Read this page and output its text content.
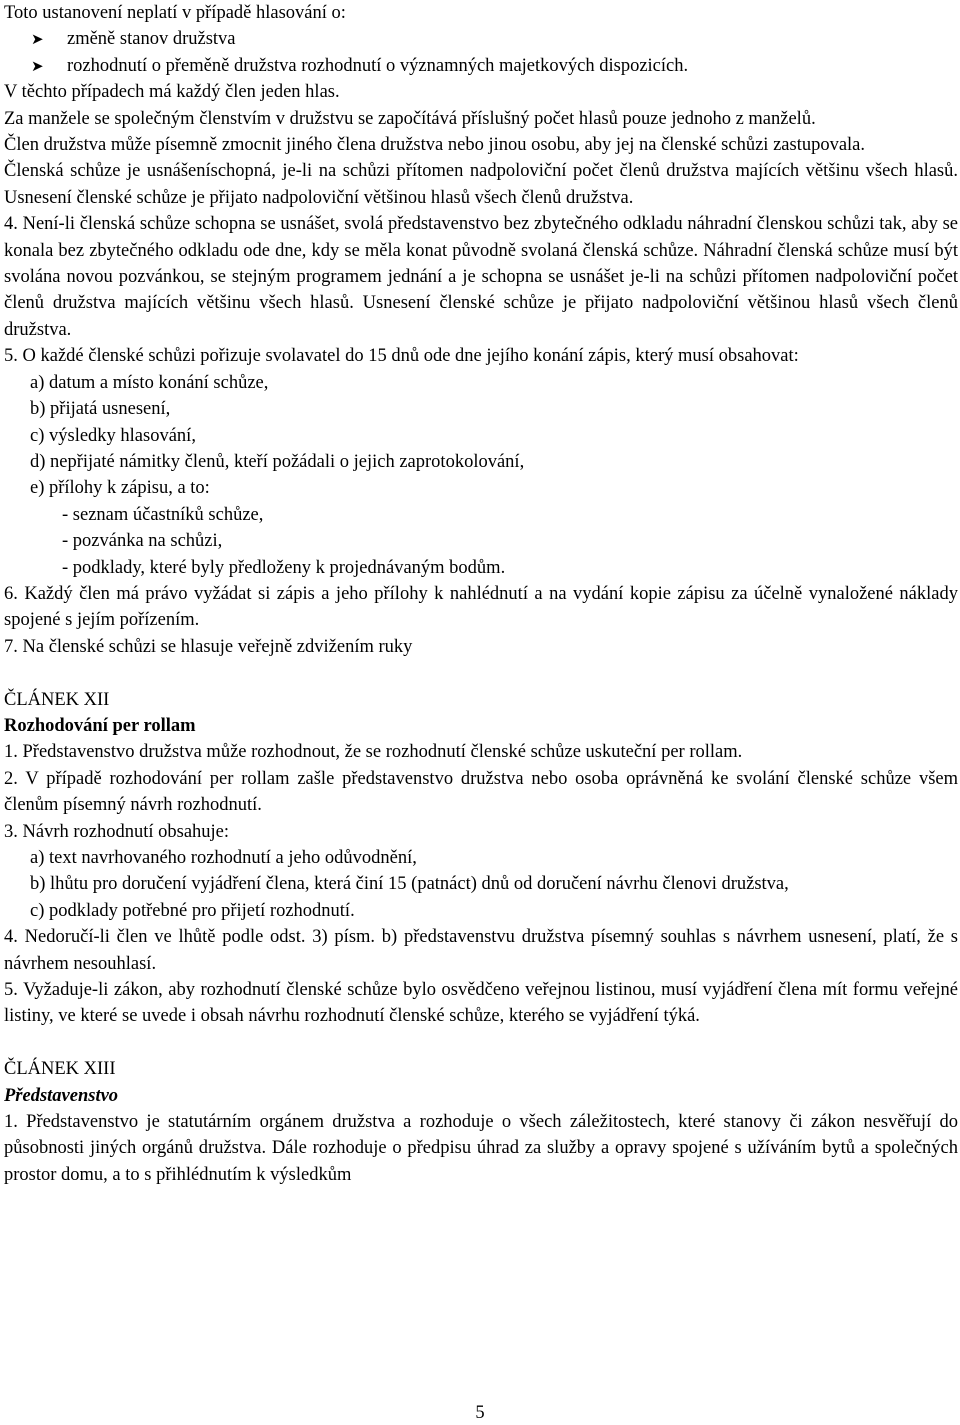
Toto ustanovení neplatí v případě hlasování o:

➤	změně stanov družstva
➤	rozhodnutí o přeměně družstva rozhodnutí o významných majetkových dispozicích.

V těchto případech má každý člen jeden hlas.

Za manžele se společným členstvím v družstvu se započítává příslušný počet hlasů pouze jednoho z manželů.

Člen družstva může písemně zmocnit jiného člena družstva nebo jinou osobu, aby jej na členské schůzi zastupovala.

Členská schůze je usnášeníschopná, je-li na schůzi přítomen nadpoloviční počet členů družstva majících většinu všech hlasů. Usnesení členské schůze je přijato nadpoloviční většinou hlasů všech členů družstva.

4. Není-li členská schůze schopna se usnášet, svolá představenstvo bez zbytečného odkladu náhradní členskou schůzi tak, aby se konala bez zbytečného odkladu ode dne, kdy se měla konat původně svolaná členská schůze. Náhradní členská schůze musí být svolána novou pozvánkou, se stejným programem jednání a je schopna se usnášet je-li na schůzi přítomen nadpoloviční počet členů družstva majících většinu všech hlasů. Usnesení členské schůze je přijato nadpoloviční většinou hlasů všech členů družstva.

5. O každé členské schůzi pořizuje svolavatel do 15 dnů ode dne jejího konání zápis, který musí obsahovat:

a) datum a místo konání schůze,

b) přijatá usnesení,

c) výsledky hlasování,

d) nepřijaté námitky členů, kteří požádali o jejich zaprotokolování,

e) přílohy k zápisu, a to:

- seznam účastníků schůze,

- pozvánka na schůzi,

- podklady, které byly předloženy k projednávaným bodům.

6. Každý člen má právo vyžádat si zápis a jeho přílohy k nahlédnutí a na vydání kopie zápisu za účelně vynaložené náklady spojené s jejím pořízením.

7. Na členské schůzi se hlasuje veřejně zdvižením ruky

ČLÁNEK XII

Rozhodování per rollam

1. Představenstvo družstva může rozhodnout, že se rozhodnutí členské schůze uskuteční per rollam.

2. V případě rozhodování per rollam zašle představenstvo družstva nebo osoba oprávněná ke svolání členské schůze všem členům písemný návrh rozhodnutí.

3. Návrh rozhodnutí obsahuje:

a) text navrhovaného rozhodnutí a jeho odůvodnění,

b) lhůtu pro doručení vyjádření člena, která činí 15 (patnáct) dnů od doručení návrhu členovi družstva,

c) podklady potřebné pro přijetí rozhodnutí.

4. Nedoručí-li člen ve lhůtě podle odst. 3) písm. b) představenstvu družstva písemný souhlas s návrhem usnesení, platí, že s návrhem nesouhlasí.

5. Vyžaduje-li zákon, aby rozhodnutí členské schůze bylo osvědčeno veřejnou listinou, musí vyjádření člena mít formu veřejné listiny, ve které se uvede i obsah návrhu rozhodnutí členské schůze, kterého se vyjádření týká.

ČLÁNEK XIII

Představenstvo

1. Představenstvo je statutárním orgánem družstva a rozhoduje o všech záležitostech, které stanovy či zákon nesvěřují do působnosti jiných orgánů družstva. Dále rozhoduje o předpisu úhrad za služby a opravy spojené s užíváním bytů a společných prostor domu, a to s přihlédnutím k výsledkům

5
